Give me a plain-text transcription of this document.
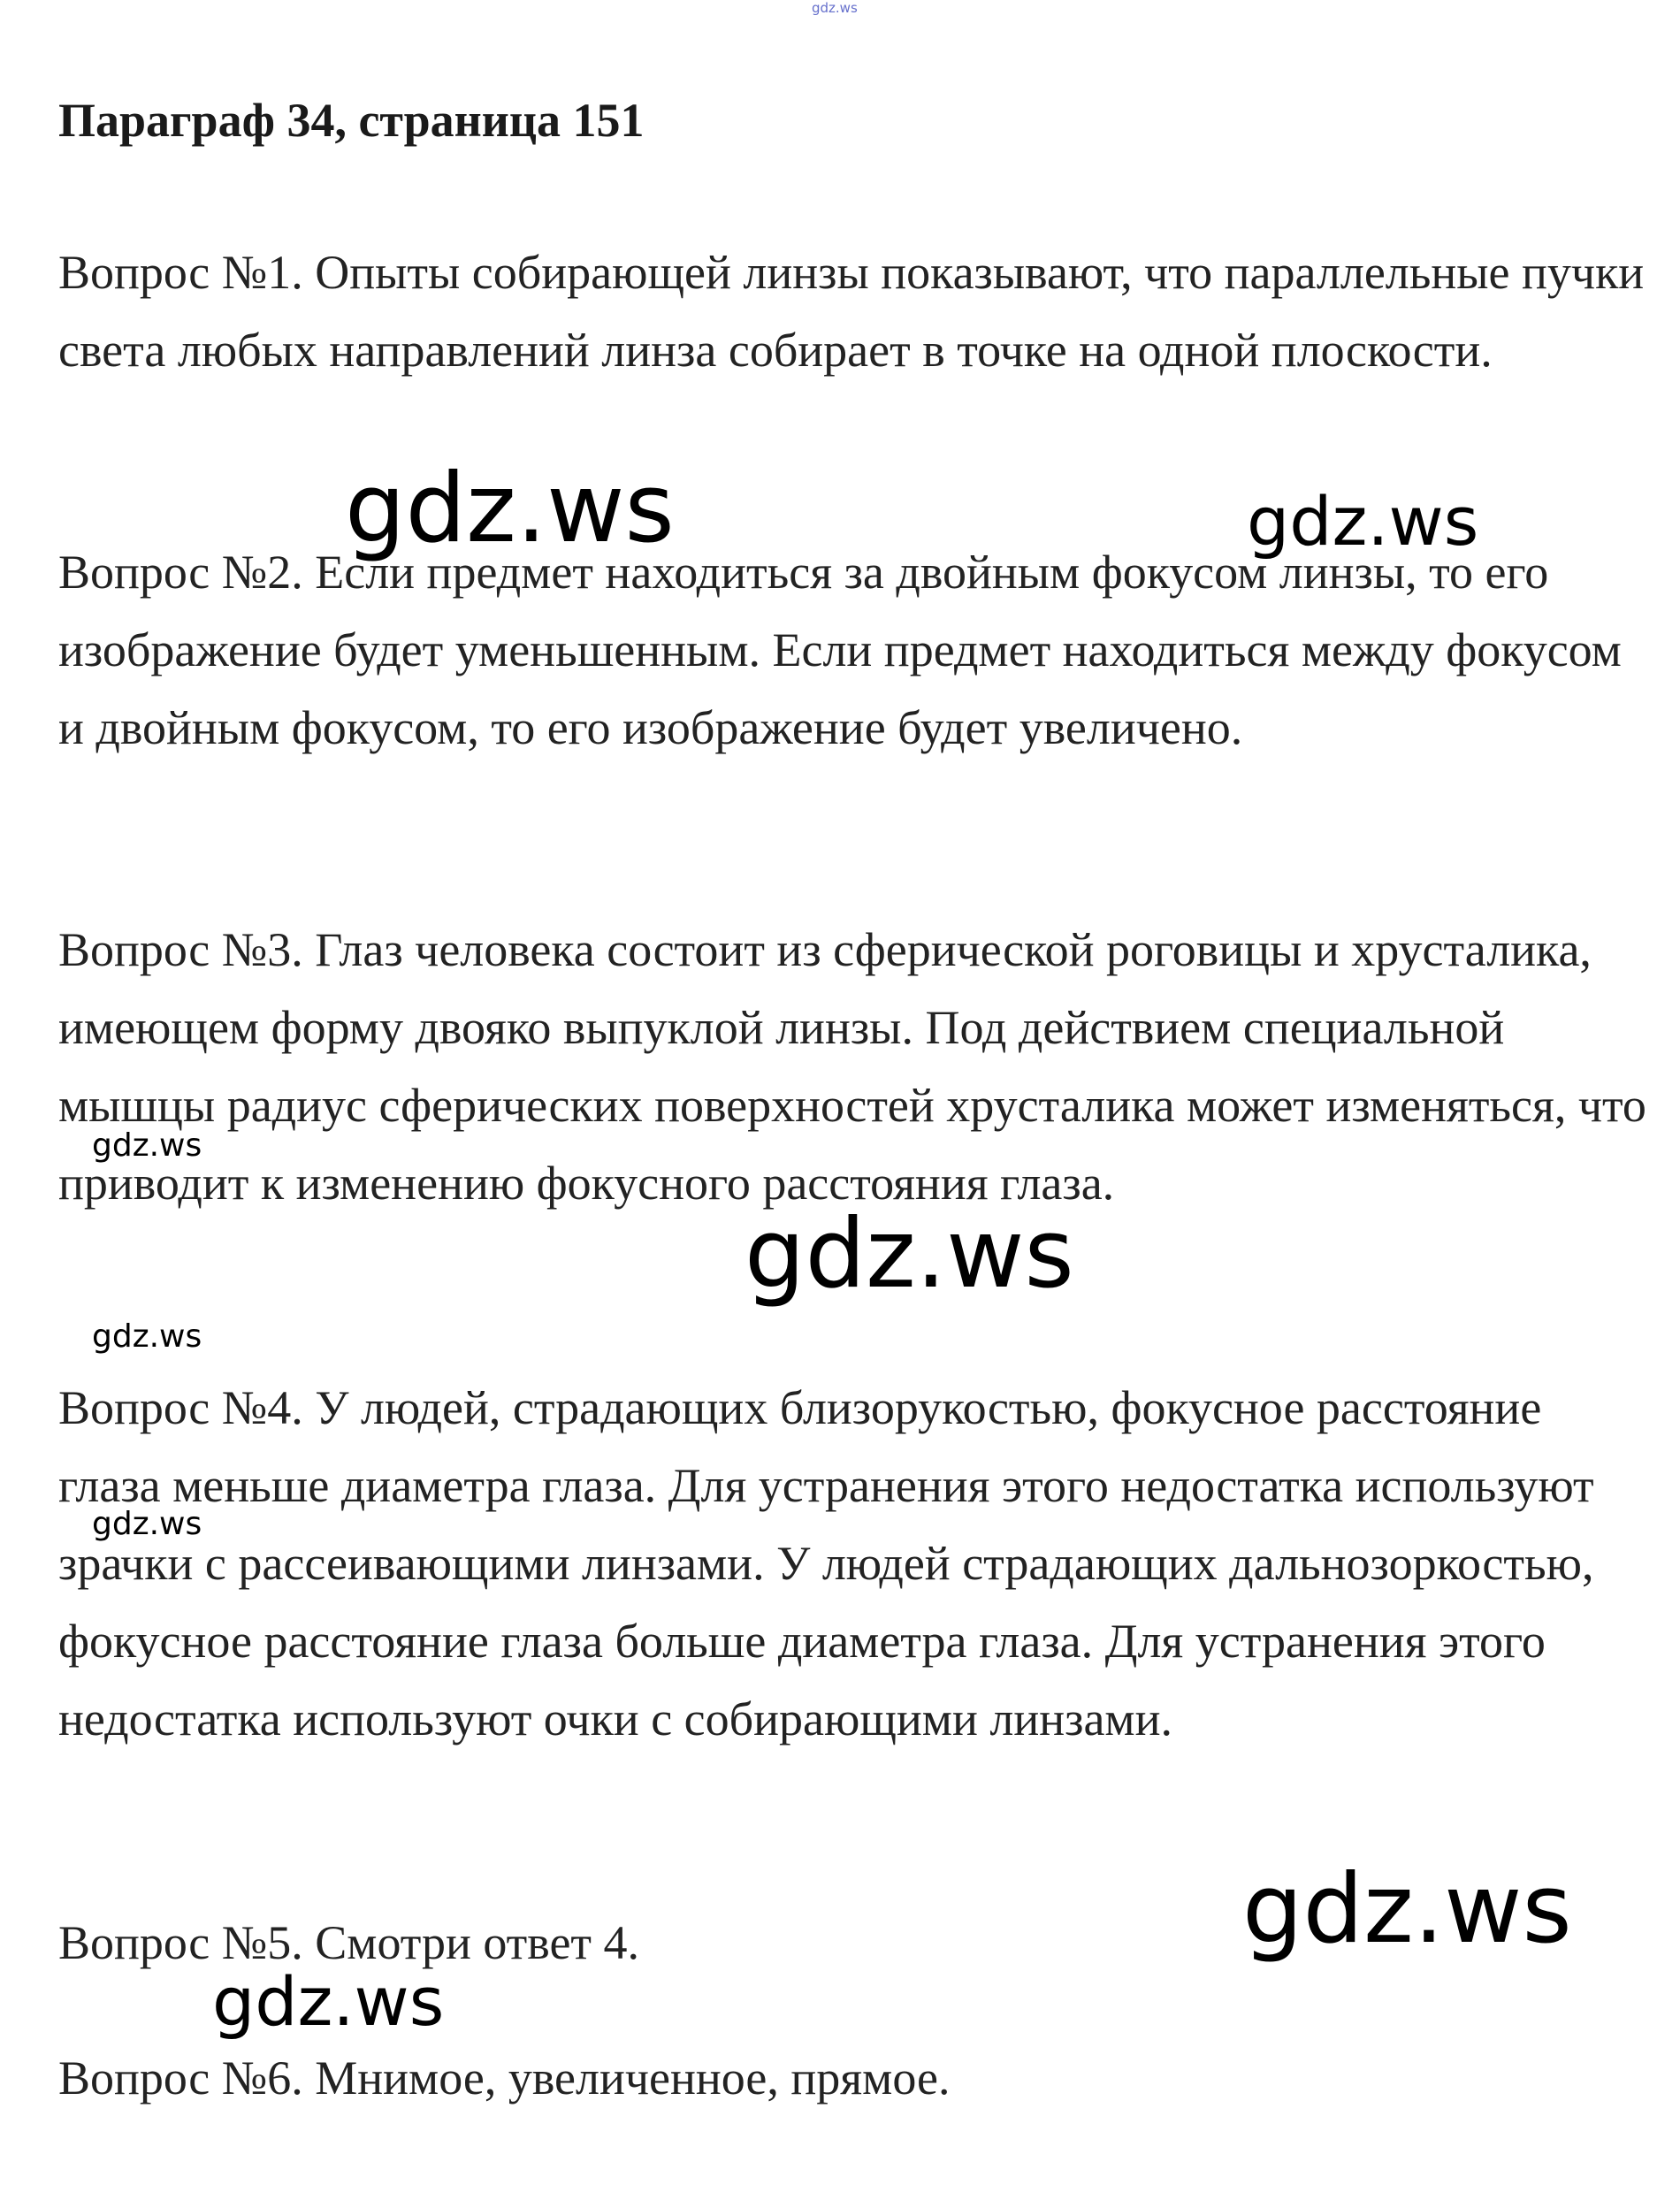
gdz.ws
Параграф 34, страница 151

Вопрос №1. Опыты собирающей линзы показывают, что параллельные пучки света любых направлений линза собирает в точке на одной плоскости.

Вопрос №2. Если предмет находиться за двойным фокусом линзы, то его изображение будет уменьшенным. Если предмет находиться между фокусом и двойным фокусом, то его изображение будет увеличено.

Вопрос №3. Глаз человека состоит из сферической роговицы и хрусталика, имеющем форму двояко выпуклой линзы. Под действием специальной мышцы радиус сферических поверхностей хрусталика может изменяться, что приводит к изменению фокусного расстояния глаза.

Вопрос №4. У людей, страдающих близорукостью, фокусное расстояние глаза меньше диаметра глаза. Для устранения этого недостатка используют зрачки с рассеивающими линзами. У людей страдающих дальнозоркостью, фокусное расстояние глаза больше диаметра глаза. Для устранения этого недостатка используют очки с собирающими линзами.

Вопрос №5. Смотри ответ 4.

Вопрос №6. Мнимое, увеличенное, прямое.

gdz.ws	gdz.ws
gdz.ws
gdz.ws
gdz.ws
gdz.ws
gdz.ws
gdz.ws
